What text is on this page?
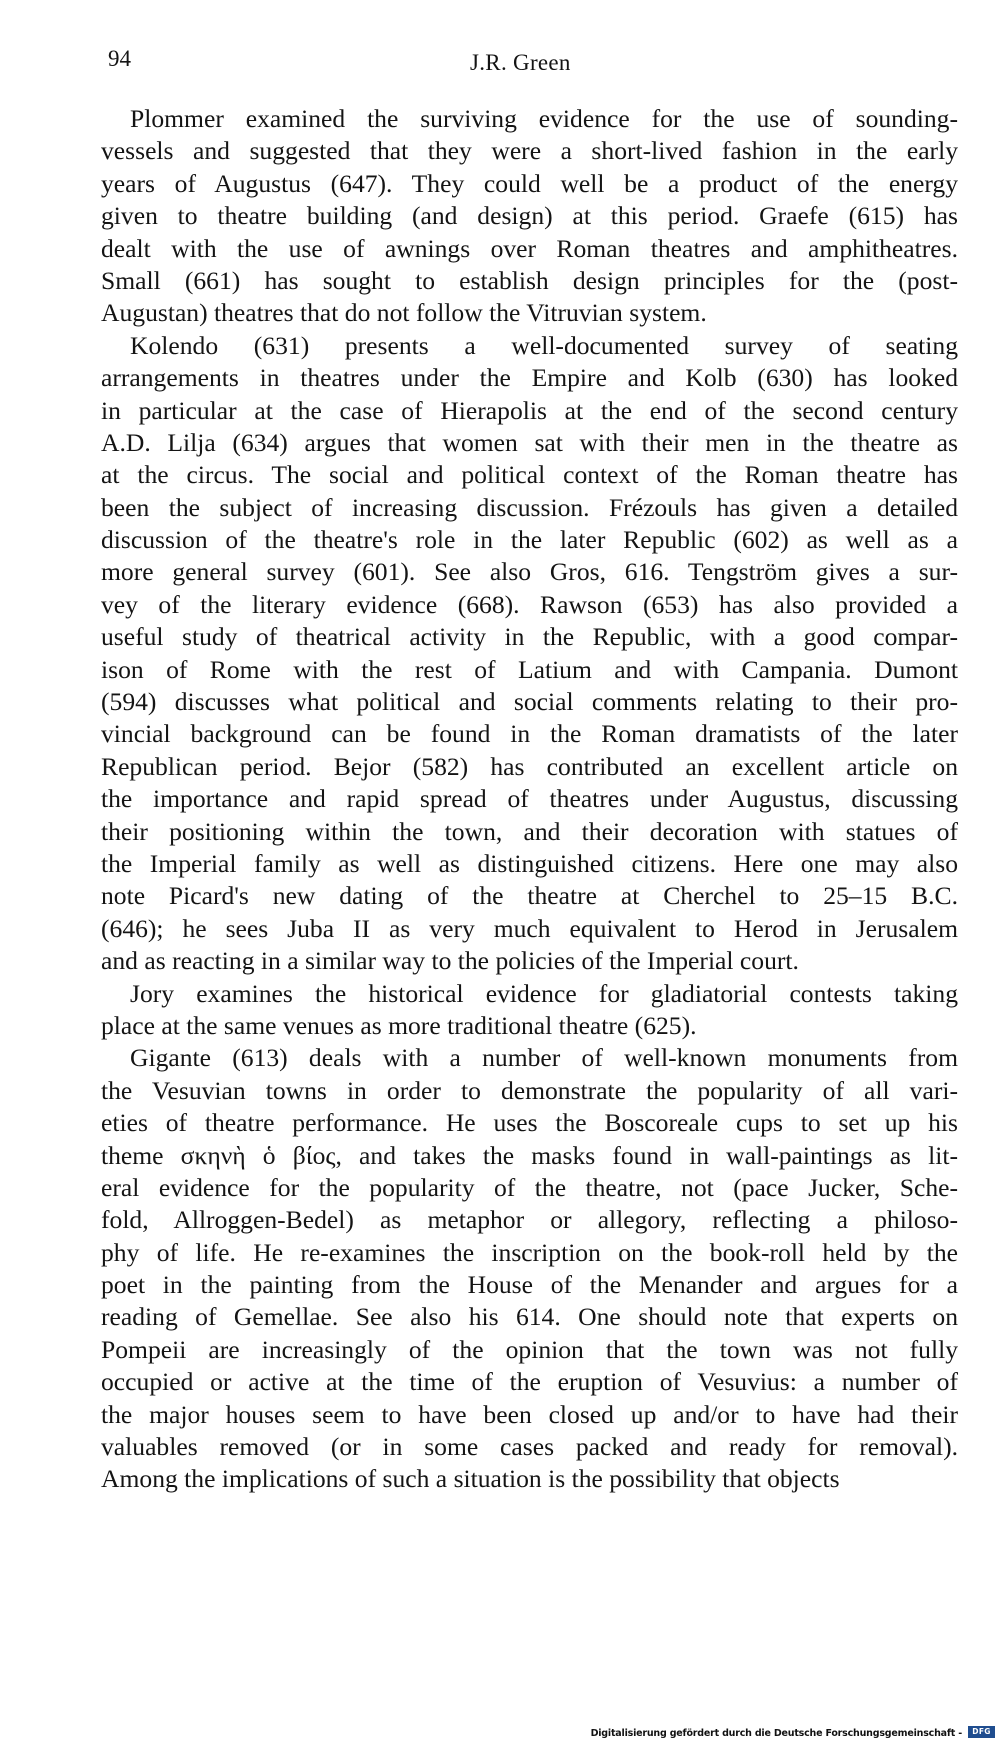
94	J.R. Green

Plommer examined the surviving evidence for the use of sounding-
vessels and suggested that they were a short-lived fashion in the early
years of Augustus (647). They could well be a product of the energy
given to theatre building (and design) at this period. Graefe (615) has
dealt with the use of awnings over Roman theatres and amphitheatres.
Small (661) has sought to establish design principles for the (post-
Augustan) theatres that do not follow the Vitruvian system.

Kolendo (631) presents a well-documented survey of seating
arrangements in theatres under the Empire and Kolb (630) has looked
in particular at the case of Hierapolis at the end of the second century
A.D. Lilja (634) argues that women sat with their men in the theatre as
at the circus. The social and political context of the Roman theatre has
been the subject of increasing discussion. Frézouls has given a detailed
discussion of the theatre's role in the later Republic (602) as well as a
more general survey (601). See also Gros, 616. Tengström gives a sur-
vey of the literary evidence (668). Rawson (653) has also provided a
useful study of theatrical activity in the Republic, with a good compar-
ison of Rome with the rest of Latium and with Campania. Dumont
(594) discusses what political and social comments relating to their pro-
vincial background can be found in the Roman dramatists of the later
Republican period. Bejor (582) has contributed an excellent article on
the importance and rapid spread of theatres under Augustus, discussing
their positioning within the town, and their decoration with statues of
the Imperial family as well as distinguished citizens. Here one may also
note Picard's new dating of the theatre at Cherchel to 25–15 B.C.
(646); he sees Juba II as very much equivalent to Herod in Jerusalem
and as reacting in a similar way to the policies of the Imperial court.

Jory examines the historical evidence for gladiatorial contests taking
place at the same venues as more traditional theatre (625).

Gigante (613) deals with a number of well-known monuments from
the Vesuvian towns in order to demonstrate the popularity of all vari-
eties of theatre performance. He uses the Boscoreale cups to set up his
theme σκηνὴ ὁ βίος, and takes the masks found in wall-paintings as lit-
eral evidence for the popularity of the theatre, not (pace Jucker, Sche-
fold, Allroggen-Bedel) as metaphor or allegory, reflecting a philoso-
phy of life. He re-examines the inscription on the book-roll held by the
poet in the painting from the House of the Menander and argues for a
reading of Gemellae. See also his 614. One should note that experts on
Pompeii are increasingly of the opinion that the town was not fully
occupied or active at the time of the eruption of Vesuvius: a number of
the major houses seem to have been closed up and/or to have had their
valuables removed (or in some cases packed and ready for removal).
Among the implications of such a situation is the possibility that objects

Digitalisierung gefördert durch die Deutsche Forschungsgemeinschaft -	DFG
